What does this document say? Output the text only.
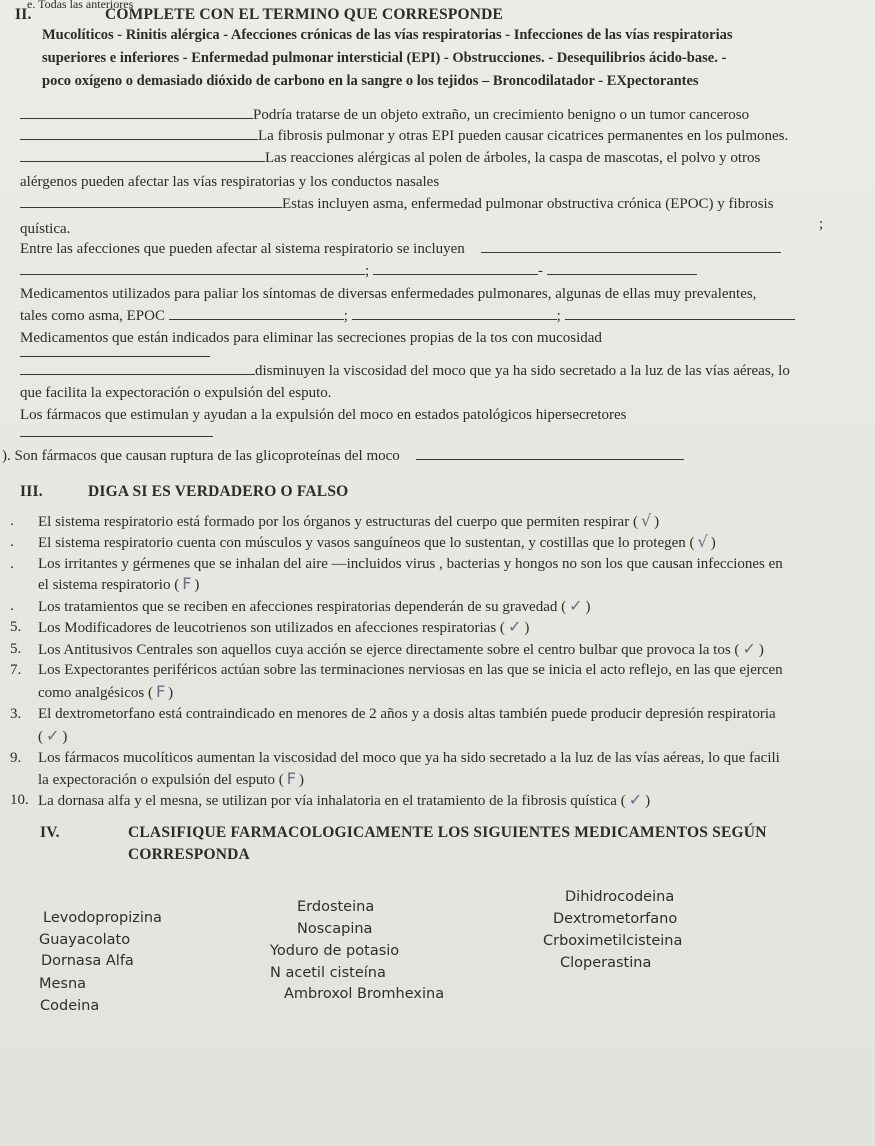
e. Todas las anteriores
II.	COMPLETE CON EL TERMINO QUE CORRESPONDE
Mucolíticos - Rinitis alérgica - Afecciones crónicas de las vías respiratorias - Infecciones de las vías respiratorias
superiores e inferiores - Enfermedad pulmonar intersticial (EPI) - Obstrucciones. - Desequilibrios ácido-base. -
poco oxígeno o demasiado dióxido de carbono en la sangre o los tejidos – Broncodilatador - EXpectorantes
Podría tratarse de un objeto extraño, un crecimiento benigno o un tumor canceroso
La fibrosis pulmonar y otras EPI pueden causar cicatrices permanentes en los pulmones.
Las reacciones alérgicas al polen de árboles, la caspa de mascotas, el polvo y otros
alérgenos pueden afectar las vías respiratorias y los conductos nasales
Estas incluyen asma, enfermedad pulmonar obstructiva crónica (EPOC) y fibrosis
quística.	;
Entre las afecciones que pueden afectar al sistema respiratorio se incluyen
;	-
Medicamentos utilizados para paliar los síntomas de diversas enfermedades pulmonares, algunas de ellas muy prevalentes,
tales como asma, EPOC	;	;
Medicamentos que están indicados para eliminar las secreciones propias de la tos con mucosidad
disminuyen la viscosidad del moco que ya ha sido secretado a la luz de las vías aéreas, lo
que facilita la expectoración o expulsión del esputo.
Los fármacos que estimulan y ayudan a la expulsión del moco en estados patológicos hipersecretores
). Son fármacos que causan ruptura de las glicoproteínas del moco
III.	DIGA SI ES VERDADERO O FALSO
. El sistema respiratorio está formado por los órganos y estructuras del cuerpo que permiten respirar ( √ )
. El sistema respiratorio cuenta con músculos y vasos sanguíneos que lo sustentan, y costillas que lo protegen ( √ )
. Los irritantes y gérmenes que se inhalan del aire —incluidos virus , bacterias y hongos no son los que causan infecciones en
el sistema respiratorio ( F )
. Los tratamientos que se reciben en afecciones respiratorias dependerán de su gravedad ( ✓ )
5. Los Modificadores de leucotrienos son utilizados en afecciones respiratorias ( ✓ )
5. Los Antitusivos Centrales son aquellos cuya acción se ejerce directamente sobre el centro bulbar que provoca la tos ( ✓ )
7. Los Expectorantes periféricos actúan sobre las terminaciones nerviosas en las que se inicia el acto reflejo, en las que ejercen
como analgésicos ( F )
3. El dextrometorfano está contraindicado en menores de 2 años y a dosis altas también puede producir depresión respiratoria
( ✓ )
9. Los fármacos mucolíticos aumentan la viscosidad del moco que ya ha sido secretado a la luz de las vías aéreas, lo que facili
la expectoración o expulsión del esputo ( F )
10. La dornasa alfa y el mesna, se utilizan por vía inhalatoria en el tratamiento de la fibrosis quística ( ✓ )
IV.	CLASIFIQUE FARMACOLOGICAMENTE LOS SIGUIENTES MEDICAMENTOS SEGÚN
CORRESPONDA
Levodopropizina
Guayacolato
Dornasa Alfa
Mesna
Codeina
Erdosteina
Noscapina
Yoduro de potasio
N acetil cisteína
Ambroxol Bromhexina
Dihidrocodeina
Dextrometorfano
Crboximetilcisteina
Cloperastina
